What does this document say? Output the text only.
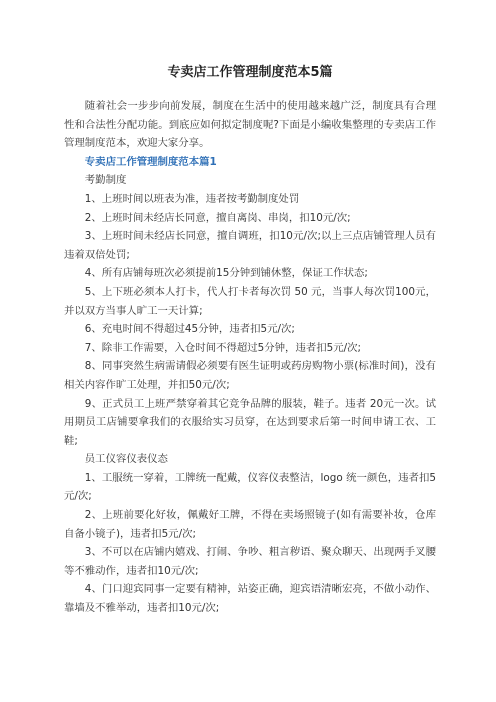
专卖店工作管理制度范本5篇

随着社会一步步向前发展，制度在生活中的使用越来越广泛，制度具有合理性和合法性分配功能。到底应如何拟定制度呢?下面是小编收集整理的专卖店工作管理制度范本，欢迎大家分享。

专卖店工作管理制度范本篇1

考勤制度

1、上班时间以班表为准，违者按考勤制度处罚

2、上班时间未经店长同意，擅自离岗、串岗，扣10元/次;

3、上班时间未经店长同意，擅自调班，扣10元/次;以上三点店铺管理人员有违着双倍处罚;

4、所有店铺每班次必须提前15分钟到铺休整，保证工作状态;

5、上下班必须本人打卡，代人打卡者每次罚 50 元，当事人每次罚100元，并以双方当事人旷工一天计算;

6、充电时间不得超过45分钟，违者扣5元/次;

7、除非工作需要，入仓时间不得超过5分钟，违者扣5元/次;

8、同事突然生病需请假必须要有医生证明或药房购物小票(标准时间)，没有相关内容作旷工处理，并扣50元/次;

9、正式员工上班严禁穿着其它竞争品牌的服装，鞋子。违者 20元一次。试用期员工店铺要拿我们的衣服给实习员穿，在达到要求后第一时间申请工衣、工鞋;

员工仪容仪表仪态

1、工服统一穿着，工牌统一配戴，仪容仪表整洁，logo 统一颜色，违者扣5元/次;

2、上班前要化好妆，佩戴好工牌，不得在卖场照镜子(如有需要补妆，仓库自备小镜子)，违者扣5元/次;

3、不可以在店铺内嬉戏、打闹、争吵、粗言秽语、聚众聊天、出现两手叉腰等不雅动作，违者扣10元/次;

4、门口迎宾同事一定要有精神，站姿正确，迎宾语清晰宏亮，不做小动作、靠墙及不雅举动，违者扣10元/次;
